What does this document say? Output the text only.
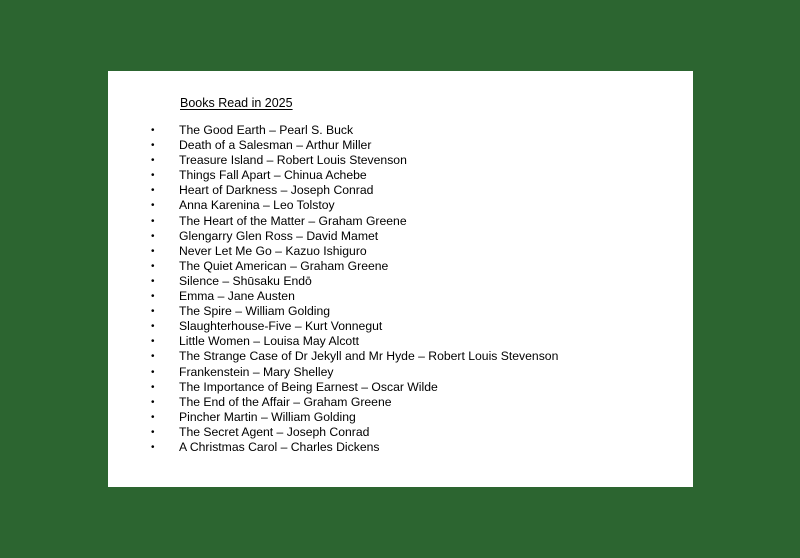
Books Read in 2025
• The Good Earth – Pearl S. Buck
• Death of a Salesman – Arthur Miller
• Treasure Island – Robert Louis Stevenson
• Things Fall Apart – Chinua Achebe
• Heart of Darkness – Joseph Conrad
• Anna Karenina – Leo Tolstoy
• The Heart of the Matter – Graham Greene
• Glengarry Glen Ross – David Mamet
• Never Let Me Go – Kazuo Ishiguro
• The Quiet American – Graham Greene
• Silence – Shūsaku Endō
• Emma – Jane Austen
• The Spire – William Golding
• Slaughterhouse-Five – Kurt Vonnegut
• Little Women – Louisa May Alcott
• The Strange Case of Dr Jekyll and Mr Hyde – Robert Louis Stevenson
• Frankenstein – Mary Shelley
• The Importance of Being Earnest – Oscar Wilde
• The End of the Affair – Graham Greene
• Pincher Martin – William Golding
• The Secret Agent – Joseph Conrad
• A Christmas Carol – Charles Dickens
